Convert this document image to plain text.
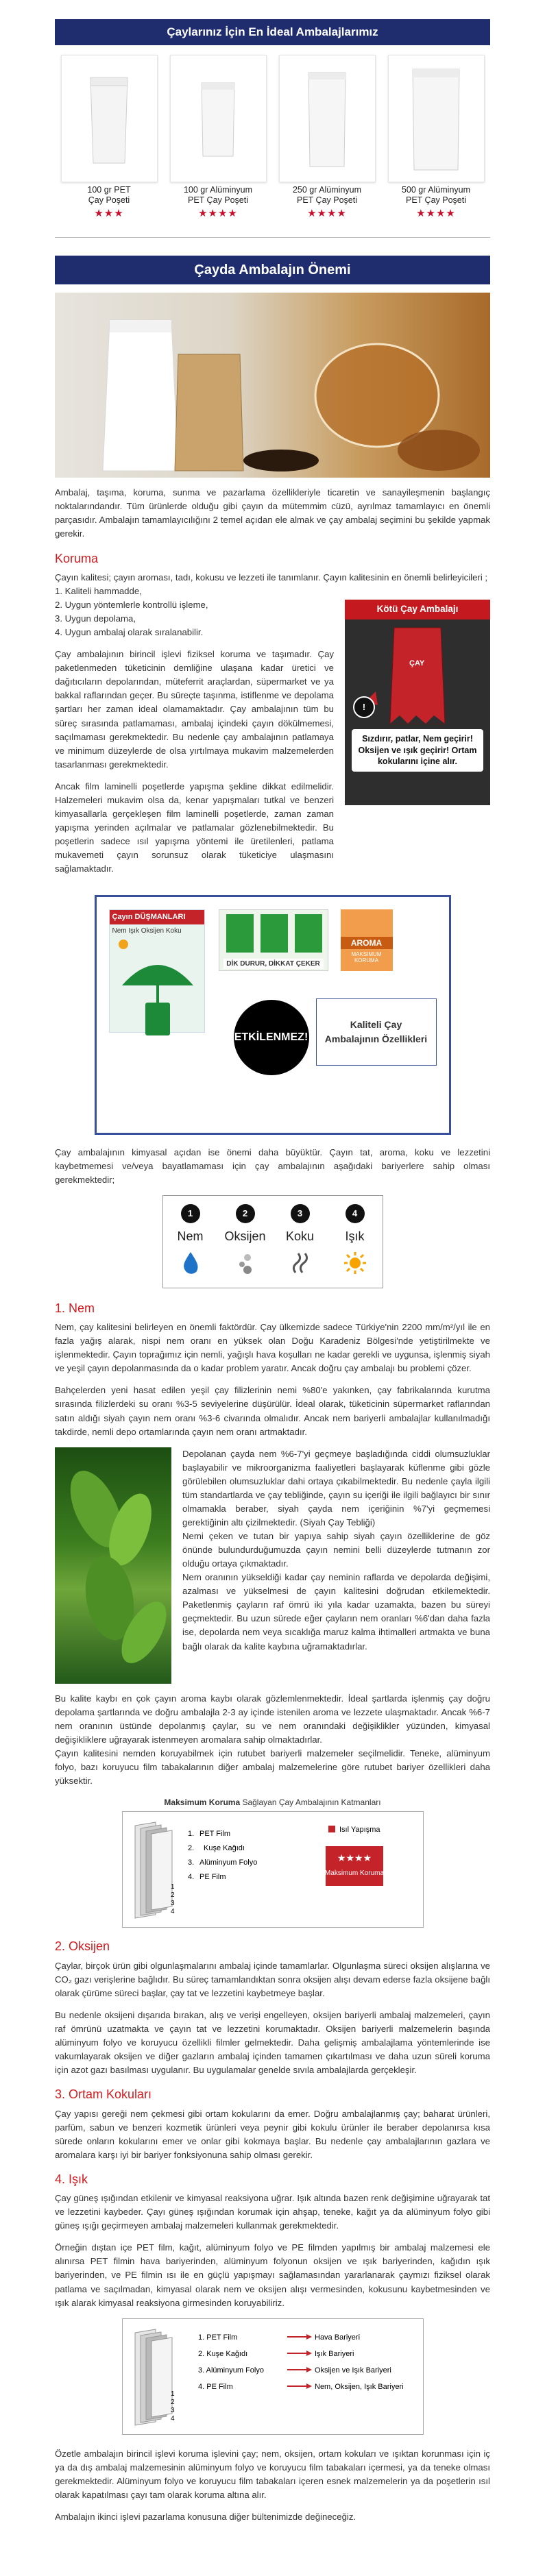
Çaylarınız İçin En İdeal Ambalajlarımız
100 gr PET
Çay Poşeti
★★★
100 gr Alüminyum
PET Çay Poşeti
★★★★
250 gr Alüminyum
PET Çay Poşeti
★★★★
500 gr Alüminyum
PET Çay Poşeti
★★★★
Çayda Ambalajın Önemi

Ambalaj, taşıma, koruma, sunma ve pazarlama özellikleriyle ticaretin ve sanayileşmenin başlangıç noktalarındandır. Tüm ürünlerde olduğu gibi çayın da mütemmim cüzü, ayrılmaz tamamlayıcı en önemli parçasıdır. Ambalajın tamamlayıcılığını 2 temel açıdan ele almak ve çay ambalaj seçimini bu şekilde yapmak gerekir.

Koruma

Çayın kalitesi; çayın aroması, tadı, kokusu ve lezzeti ile tanımlanır. Çayın kalitesinin en önemli belirleyicileri ;

1. Kaliteli hammadde,

2. Uygun yöntemlerle kontrollü işleme,

3. Uygun depolama,

4. Uygun ambalaj olarak sıralanabilir.

Çay ambalajının birincil işlevi fiziksel koruma ve taşımadır. Çay paketlenmeden tüketicinin demliğine ulaşana kadar üretici ve dağıtıcıların depolarından, müteferrit araçlardan, süpermarket ve ya bakkal raflarından geçer. Bu süreçte taşınma, istiflenme ve depolama şartları her zaman ideal olamamaktadır. Çay ambalajının tüm bu süreç sırasında patlamaması, ambalaj içindeki çayın dökülmemesi, saçılmaması gerekmektedir. Bu nedenle çay ambalajının patlamaya ve minimum düzeylerde de olsa yırtılmaya mukavim malzemelerden tasarlanması gerekmektedir.

Ancak film laminelli poşetlerde yapışma şekline dikkat edilmelidir. Halzemeleri mukavim olsa da, kenar yapışmaları tutkal ve benzeri kimyasallarla gerçekleşen film laminelli poşetlerde, zaman zaman yapışma yerinden açılmalar ve patlamalar gözlenebilmektedir. Bu poşetlerin sadece ısıl yapışma yöntemi ile üretilenleri, patlama mukavemeti çayın sorunsuz olarak tüketiciye ulaşmasını sağlamaktadır.

Kötü Çay Ambalajı
ÇAY
!
Sızdırır, patlar, Nem geçirir! Oksijen ve ışık geçirir! Ortam kokularını içine alır.
Çayın DÜŞMANLARI
Nem Işık Oksijen Koku
DİK DURUR, DİKKAT ÇEKER
AROMA
MAKSIMUM KORUMA
ETKİLENMEZ!
Kaliteli Çay Ambalajının Özellikleri

Çay ambalajının kimyasal açıdan ise önemi daha büyüktür. Çayın tat, aroma, koku ve lezzetini kaybetmemesi ve/veya bayatlamaması için çay ambalajının aşağıdaki bariyerlere sahip olması gerekmektedir;

1
Nem
2
Oksijen
3
Koku
4
Işık
1. Nem

Nem, çay kalitesini belirleyen en önemli faktördür. Çay ülkemizde sadece Türkiye'nin 2200 mm/m²/yıl ile en fazla yağış alarak, nispi nem oranı en yüksek olan Doğu Karadeniz Bölgesi'nde yetiştirilmekte ve işlenmektedir. Çayın toprağımız için nemli, yağışlı hava koşulları ne kadar gerekli ve uygunsa, işlenmiş siyah ve yeşil çayın depolanmasında da o kadar problem yaratır. Ancak doğru çay ambalajı bu problemi çözer.

Bahçelerden yeni hasat edilen yeşil çay filizlerinin nemi %80'e yakınken, çay fabrikalarında kurutma sırasında filizlerdeki su oranı %3-5 seviyelerine düşürülür. İdeal olarak, tüketicinin süpermarket raflarından satın aldığı siyah çayın nem oranı %3-6 civarında olmalıdır. Ancak nem bariyerli ambalajlar kullanılmadığı takdirde, nemli depo ortamlarında çayın nem oranı artmaktadır.

Depolanan çayda nem %6-7'yi geçmeye başladığında ciddi olumsuzluklar başlayabilir ve mikroorganizma faaliyetleri başlayarak küflenme gibi gözle görülebilen olumsuzluklar dahi ortaya çıkabilmektedir. Bu nedenle çayla ilgili tüm standartlarda ve çay tebliğinde, çayın su içeriği ile ilgili bağlayıcı bir sınır olmamakla beraber, siyah çayda nem içeriğinin %7'yi geçmemesi gerektiğinin altı çizilmektedir. (Siyah Çay Tebliği)

Nemi çeken ve tutan bir yapıya sahip siyah çayın özelliklerine de göz önünde bulundurduğumuzda çayın nemini belli düzeylerde tutmanın zor olduğu ortaya çıkmaktadır.

Nem oranının yükseldiği kadar çay neminin raflarda ve depolarda değişimi, azalması ve yükselmesi de çayın kalitesini doğrudan etkilemektedir. Paketlenmiş çayların raf ömrü iki yıla kadar uzamakta, bazen bu süreyi geçmektedir. Bu uzun sürede eğer çayların nem oranları %6'dan daha fazla ise, depolarda nem veya sıcaklığa maruz kalma ihtimalleri artmakta ve buna bağlı olarak da kalite kaybına uğramaktadırlar.

Bu kalite kaybı en çok çayın aroma kaybı olarak gözlemlenmektedir. İdeal şartlarda işlenmiş çay doğru depolama şartlarında ve doğru ambalajla 2-3 ay içinde istenilen aroma ve lezzete ulaşmaktadır. Ancak %6-7 nem oranının üstünde depolanmış çaylar, su ve nem oranındaki değişiklikler yüzünden, kimyasal değişikliklere uğrayarak istenmeyen aromalara sahip olmaktadırlar.

Çayın kalitesini nemden koruyabilmek için rutubet bariyerli malzemeler seçilmelidir. Teneke, alüminyum folyo, bazı koruyucu film tabakalarının diğer ambalaj malzemelerine göre rutubet bariyer özellikleri daha yüksektir.

Maksimum Koruma Sağlayan Çay Ambalajının Katmanları
1. PET Film
2. Kuşe Kağıdı
3. Alüminyum Folyo
4. PE Film
1
2
3
4
Isıl Yapışma
★★★★
Maksimum Koruma
2. Oksijen

Çaylar, birçok ürün gibi olgunlaşmalarını ambalaj içinde tamamlarlar. Olgunlaşma süreci oksijen alışlarına ve CO₂ gazı verişlerine bağlıdır. Bu süreç tamamlandıktan sonra oksijen alışı devam ederse fazla oksijene bağlı olarak çürüme süreci başlar, çay tat ve lezzetini kaybetmeye başlar.

Bu nedenle oksijeni dışarıda bırakan, alış ve verişi engelleyen, oksijen bariyerli ambalaj malzemeleri, çayın raf ömrünü uzatmakta ve çayın tat ve lezzetini korumaktadır. Oksijen bariyerli malzemelerin başında alüminyum folyo ve koruyucu özellikli filmler gelmektedir. Daha gelişmiş ambalajlama yöntemlerinde ise vakumlayarak oksijen ve diğer gazların ambalaj içinden tamamen çıkartılması ve daha uzun süreli koruma için azot gazı basılması uygulanır. Bu uygulamalar genelde sıvıla ambalajlarda gerçekleşir.

3. Ortam Kokuları

Çay yapısı gereği nem çekmesi gibi ortam kokularını da emer. Doğru ambalajlanmış çay; baharat ürünleri, parfüm, sabun ve benzeri kozmetik ürünleri veya peynir gibi kokulu ürünler ile beraber depolanırsa kısa sürede onların kokularını emer ve onlar gibi kokmaya başlar. Bu nedenle çay ambalajlarının gazlara ve aromalara karşı iyi bir bariyer fonksiyonuna sahip olması gerekir.

4. Işık

Çay güneş ışığından etkilenir ve kimyasal reaksiyona uğrar. Işık altında bazen renk değişimine uğrayarak tat ve lezzetini kaybeder. Çayı güneş ışığından korumak için ahşap, teneke, kağıt ya da alüminyum folyo gibi güneş ışığı geçirmeyen ambalaj malzemeleri kullanmak gerekmektedir.

Örneğin dıştan içe PET film, kağıt, alüminyum folyo ve PE filmden yapılmış bir ambalaj malzemesi ele alınırsa PET filmin hava bariyerinden, alüminyum folyonun oksijen ve ışık bariyerinden, kağıdın ışık bariyerinden, ve PE filmin ısı ile en güçlü yapışmayı sağlamasından yararlanarak çaymızı fiziksel olarak patlama ve saçılmadan, kimyasal olarak nem ve oksijen alışı vermesinden, kokusunu kaybetmesinden ve ışık alarak kimyasal reaksiyona girmesinden koruyabiliriz.

1
2
3
4
1. PET Film	Hava Bariyeri
2. Kuşe Kağıdı	Işık Bariyeri
3. Alüminyum Folyo	Oksijen ve Işık Bariyeri
4. PE Film	Nem, Oksijen, Işık Bariyeri

Özetle ambalajın birincil işlevi koruma işlevini çay; nem, oksijen, ortam kokuları ve ışıktan korunması için iç ya da dış ambalaj malzemesinin alüminyum folyo ve koruyucu film tabakaları içermesi, ya da teneke olması gerekmektedir. Alüminyum folyo ve koruyucu film tabakaları içeren esnek malzemelerin ya da poşetlerin ısıl olarak kapatılması çayı tam olarak koruma altına alır.

Ambalajın ikinci işlevi pazarlama konusuna diğer bültenimizde değineceğiz.
